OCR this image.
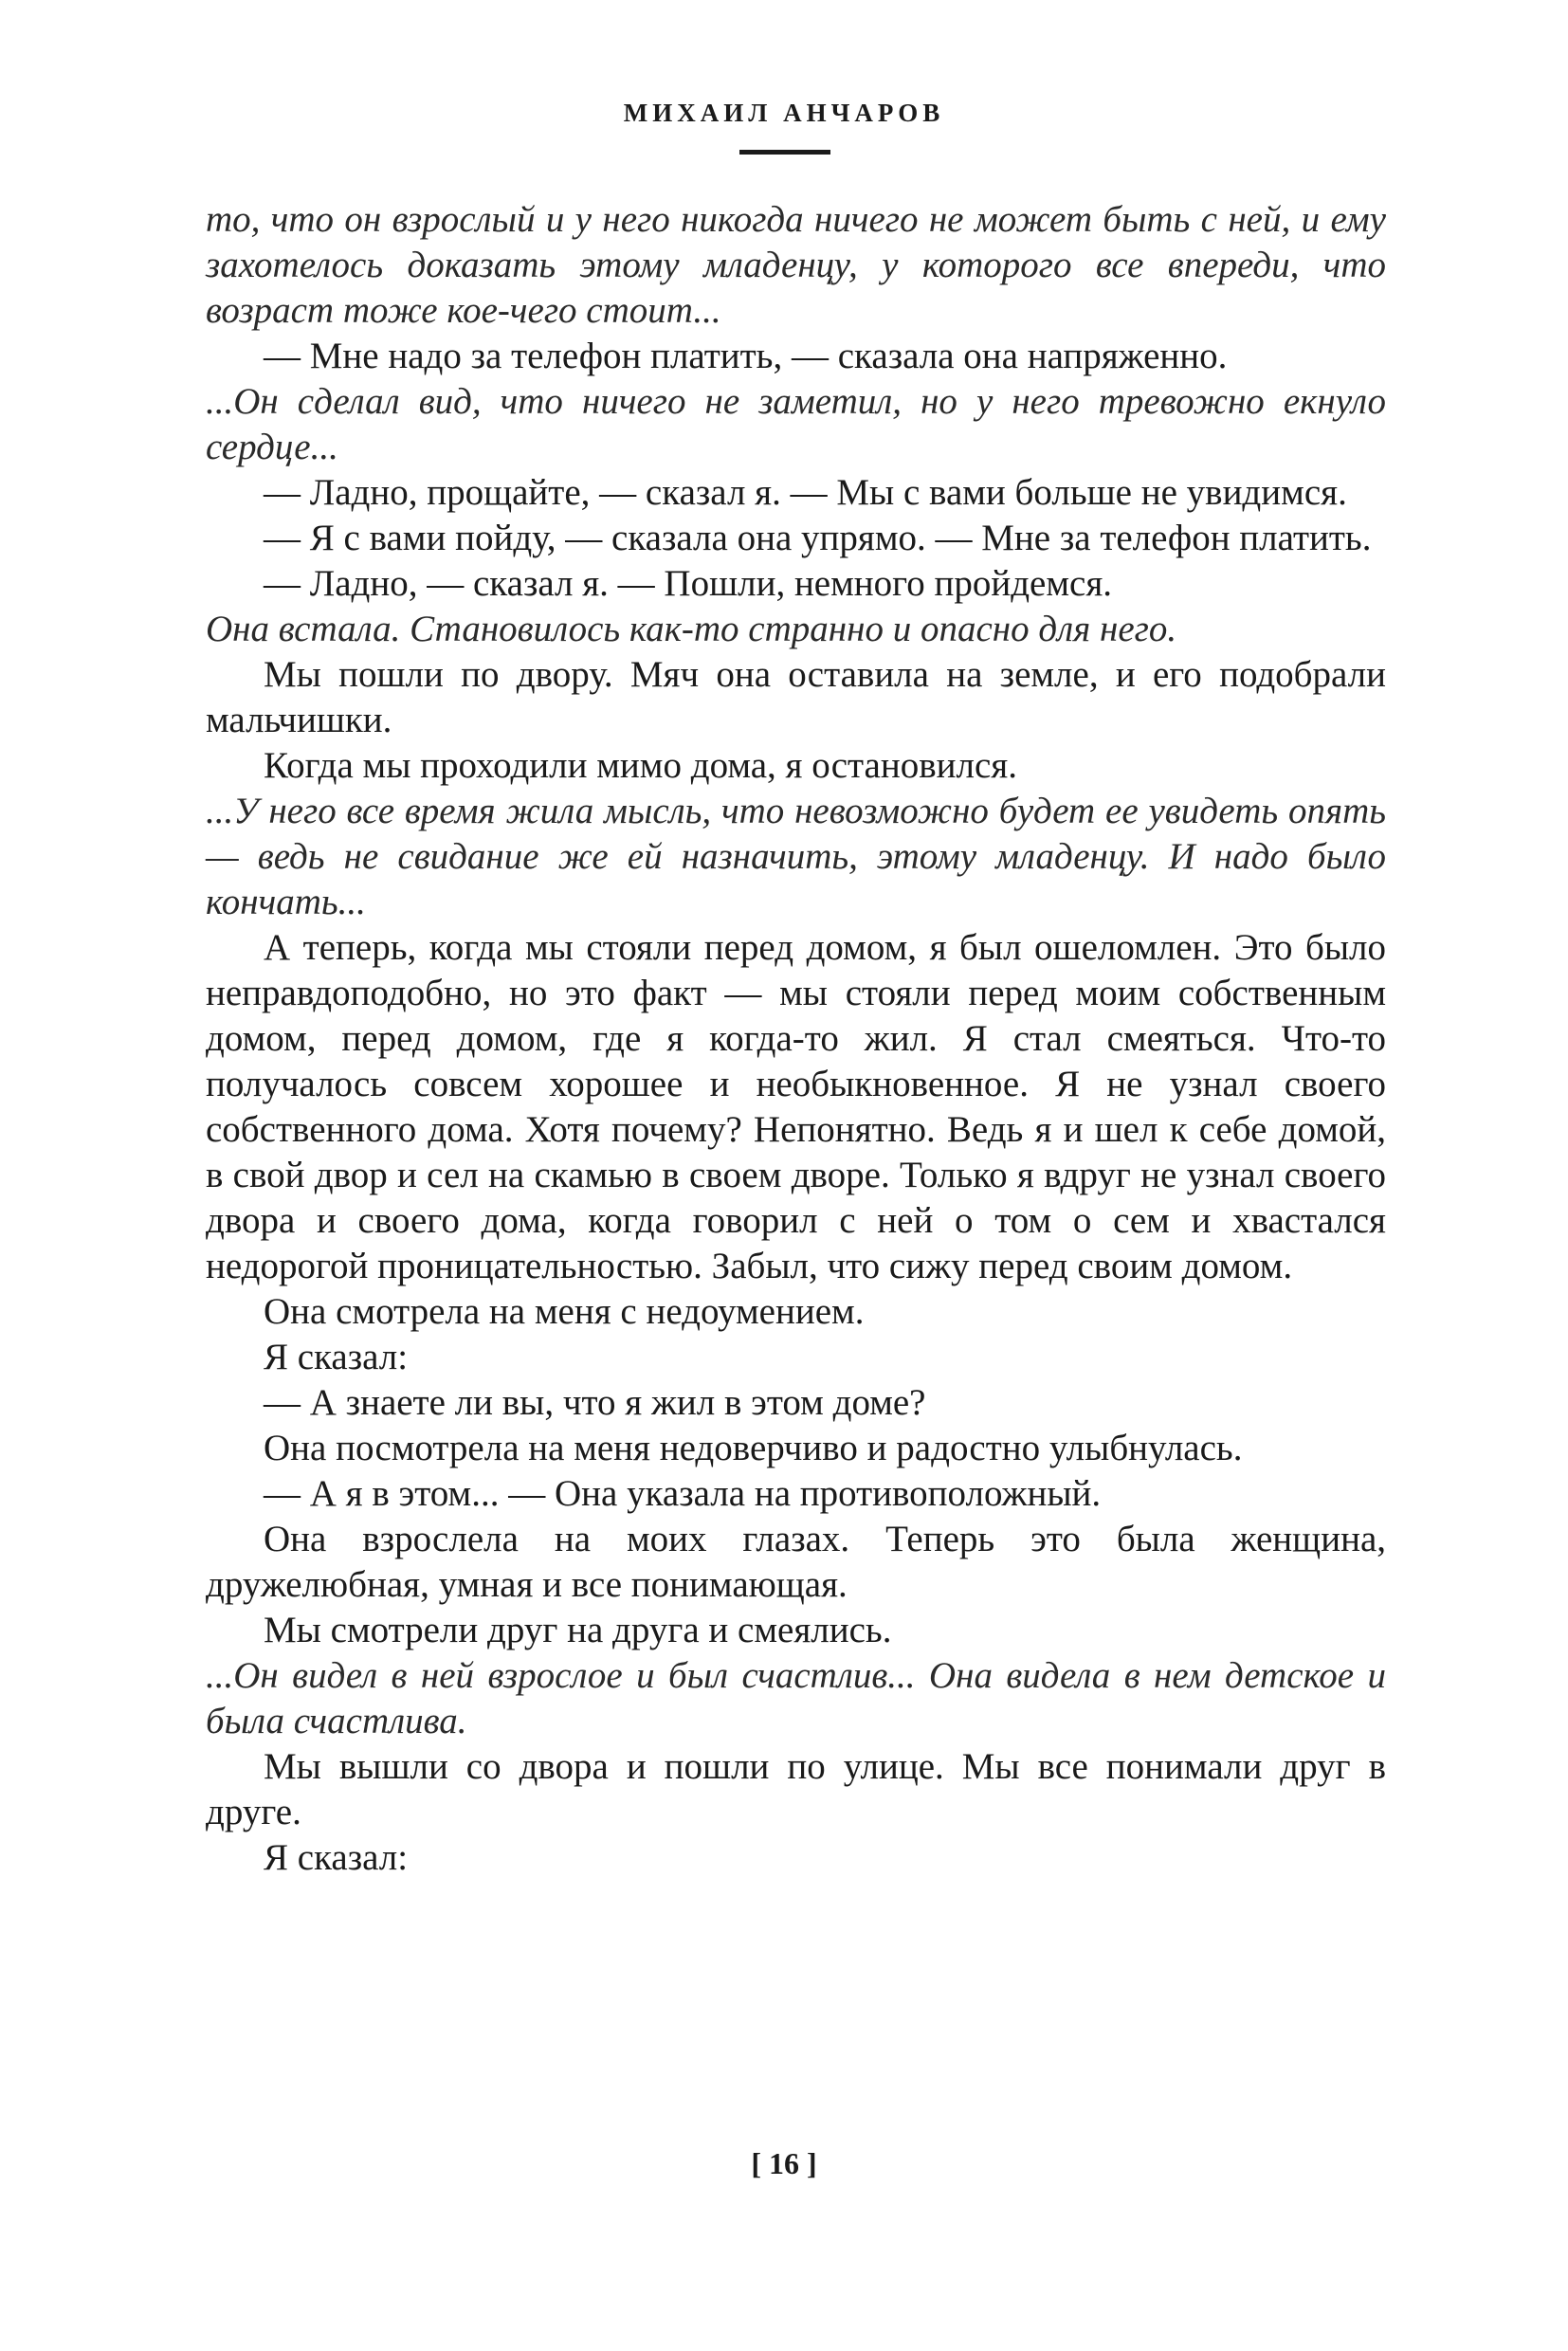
МИХАИЛ АНЧАРОВ

то, что он взрослый и у него никогда ничего не может быть с ней, и ему захотелось доказать этому младенцу, у которого все впереди, что возраст тоже кое-чего стоит...

— Мне надо за телефон платить, — сказала она напряженно.

...Он сделал вид, что ничего не заметил, но у него тревожно екнуло сердце...

— Ладно, прощайте, — сказал я. — Мы с вами больше не увидимся.

— Я с вами пойду, — сказала она упрямо. — Мне за телефон платить.

— Ладно, — сказал я. — Пошли, немного пройдемся.

Она встала. Становилось как-то странно и опасно для него.

Мы пошли по двору. Мяч она оставила на земле, и его подобрали мальчишки.

Когда мы проходили мимо дома, я остановился.

...У него все время жила мысль, что невозможно будет ее увидеть опять — ведь не свидание же ей назначить, этому младенцу. И надо было кончать...

А теперь, когда мы стояли перед домом, я был ошеломлен. Это было неправдоподобно, но это факт — мы стояли перед моим собственным домом, перед домом, где я когда-то жил. Я стал смеяться. Что-то получалось совсем хорошее и необыкновенное. Я не узнал своего собственного дома. Хотя почему? Непонятно. Ведь я и шел к себе домой, в свой двор и сел на скамью в своем дворе. Только я вдруг не узнал своего двора и своего дома, когда говорил с ней о том о сем и хвастался недорогой проницательностью. Забыл, что сижу перед своим домом.

Она смотрела на меня с недоумением.

Я сказал:

— А знаете ли вы, что я жил в этом доме?

Она посмотрела на меня недоверчиво и радостно улыбнулась.

— А я в этом... — Она указала на противоположный.

Она взрослела на моих глазах. Теперь это была женщина, дружелюбная, умная и все понимающая.

Мы смотрели друг на друга и смеялись.

...Он видел в ней взрослое и был счастлив... Она видела в нем детское и была счастлива.

Мы вышли со двора и пошли по улице. Мы все понимали друг в друге.

Я сказал:

[ 16 ]
